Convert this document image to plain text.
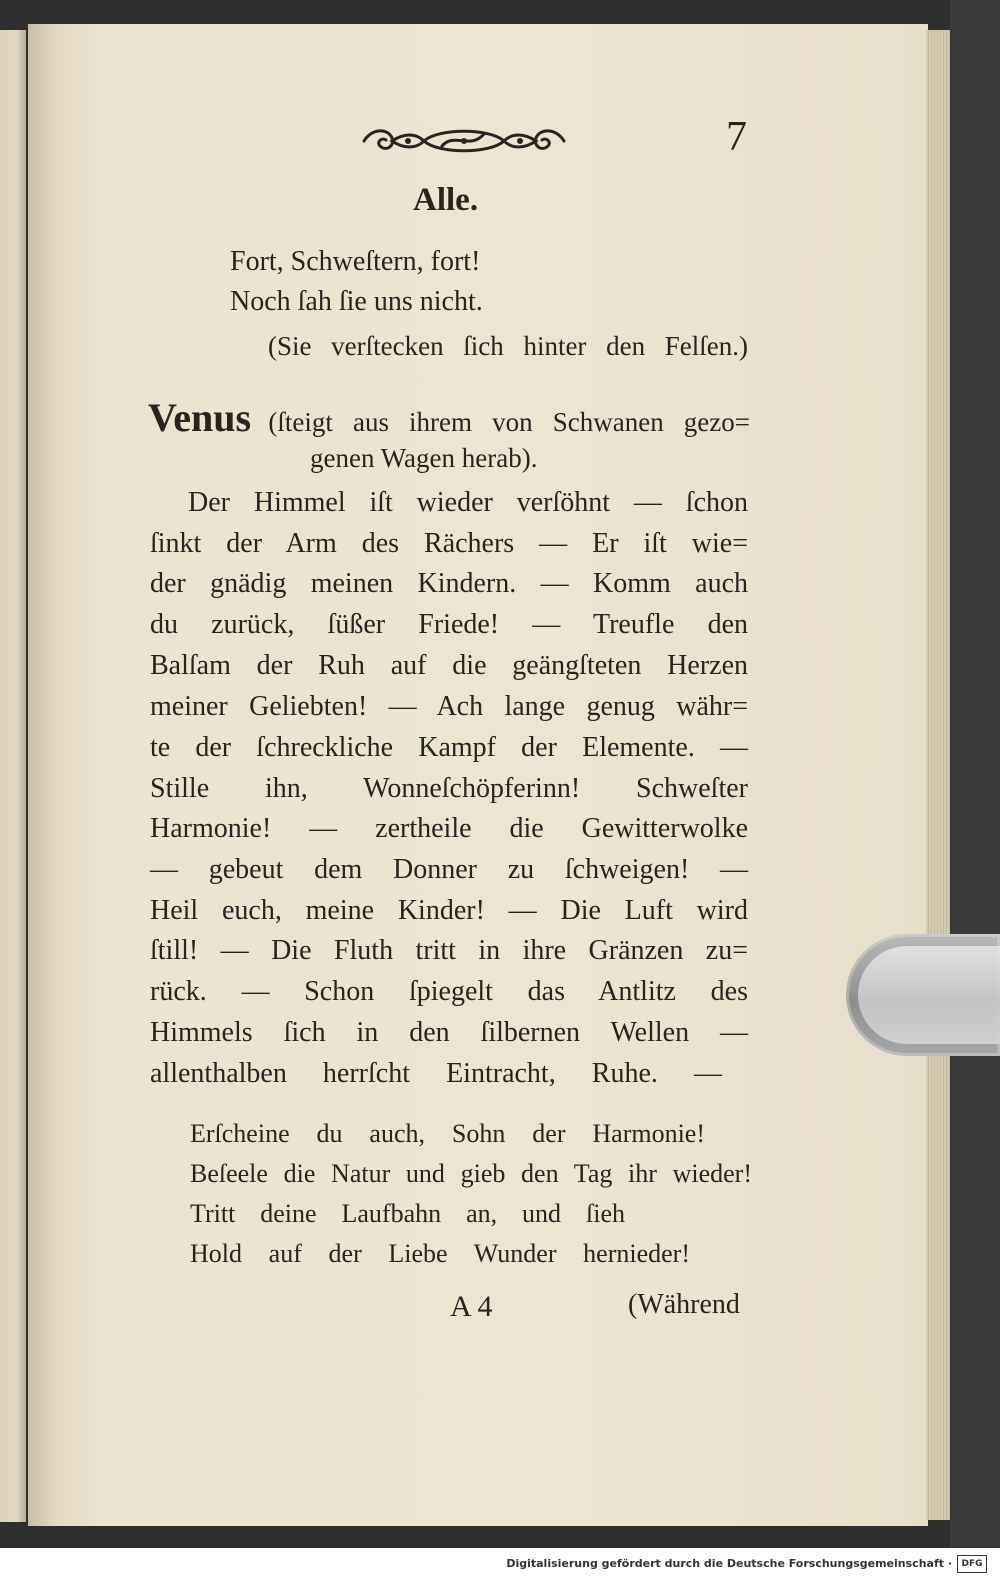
7
Alle.
Fort, Schweſtern, fort!
Noch ſah ſie uns nicht.
(Sie verſtecken ſich hinter den Felſen.)
Venus (ſteigt aus ihrem von Schwanen gezo=
genen Wagen herab).
Der Himmel iſt wieder verſöhnt — ſchon
ſinkt der Arm des Rächers — Er iſt wie=
der gnädig meinen Kindern. — Komm auch
du zurück, ſüßer Friede! — Treufle den
Balſam der Ruh auf die geängſteten Herzen
meiner Geliebten! — Ach lange genug währ=
te der ſchreckliche Kampf der Elemente. —
Stille ihn, Wonneſchöpferinn! Schweſter
Harmonie! — zertheile die Gewitterwolke
— gebeut dem Donner zu ſchweigen! —
Heil euch, meine Kinder! — Die Luft wird
ſtill! — Die Fluth tritt in ihre Gränzen zu=
rück. — Schon ſpiegelt das Antlitz des
Himmels ſich in den ſilbernen Wellen —
allenthalben herrſcht Eintracht, Ruhe. —
Erſcheine du auch, Sohn der Harmonie!
Beſeele die Natur und gieb den Tag ihr wieder!
Tritt deine Laufbahn an, und ſieh
Hold auf der Liebe Wunder hernieder!
A 4	(Während
Digitalisierung gefördert durch die Deutsche Forschungsgemeinschaft ·	DFG
